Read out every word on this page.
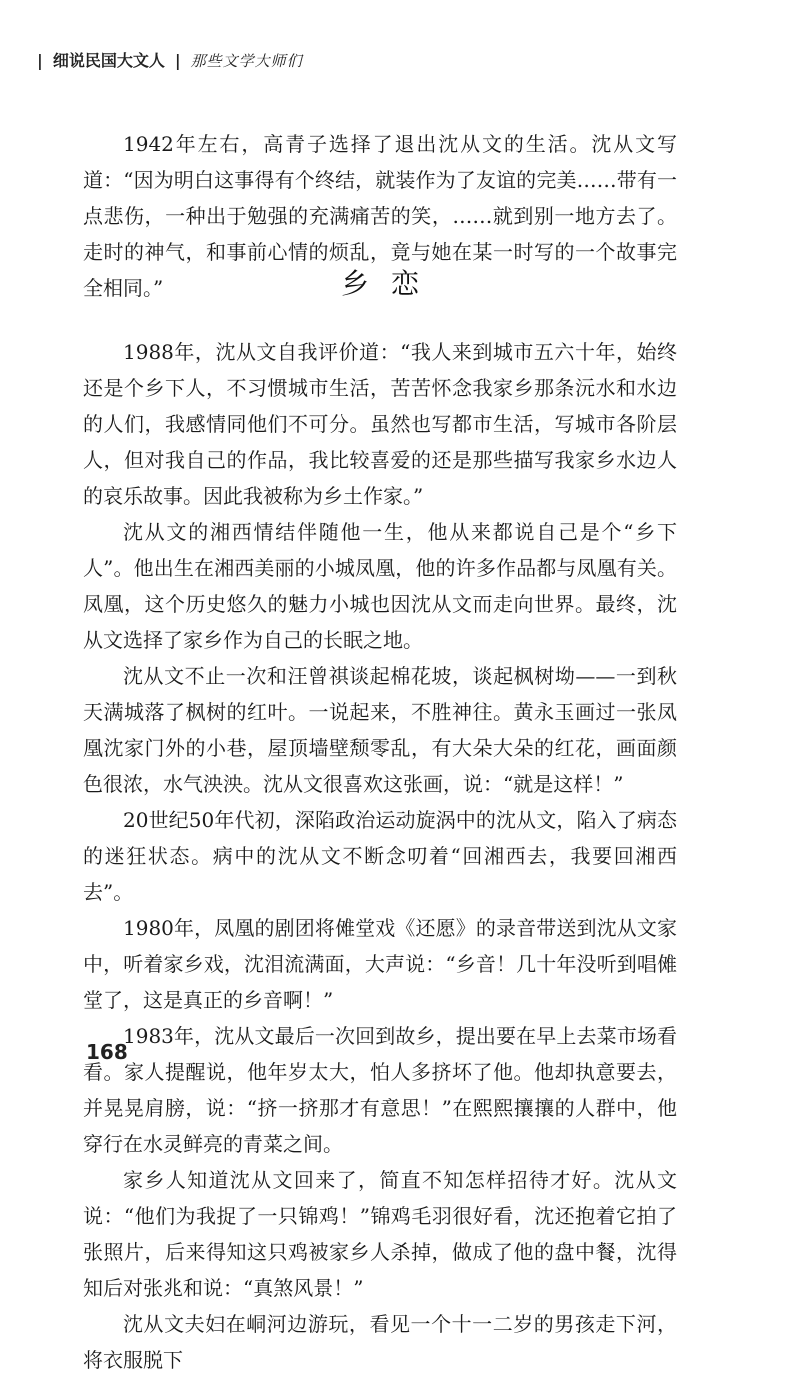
| 细说民国大文人 | 那些文学大师们

1942年左右，高青子选择了退出沈从文的生活。沈从文写道：“因为明白这事得有个终结，就装作为了友谊的完美……带有一点悲伤，一种出于勉强的充满痛苦的笑，……就到别一地方去了。走时的神气，和事前心情的烦乱，竟与她在某一时写的一个故事完全相同。”	乡恋

1988年，沈从文自我评价道：“我人来到城市五六十年，始终还是个乡下人，不习惯城市生活，苦苦怀念我家乡那条沅水和水边的人们，我感情同他们不可分。虽然也写都市生活，写城市各阶层人，但对我自己的作品，我比较喜爱的还是那些描写我家乡水边人的哀乐故事。因此我被称为乡土作家。”

沈从文的湘西情结伴随他一生，他从来都说自己是个“乡下人”。他出生在湘西美丽的小城凤凰，他的许多作品都与凤凰有关。凤凰，这个历史悠久的魅力小城也因沈从文而走向世界。最终，沈从文选择了家乡作为自己的长眠之地。

沈从文不止一次和汪曾祺谈起棉花坡，谈起枫树坳——一到秋天满城落了枫树的红叶。一说起来，不胜神往。黄永玉画过一张凤凰沈家门外的小巷，屋顶墙壁颓零乱，有大朵大朵的红花，画面颜色很浓，水气泱泱。沈从文很喜欢这张画，说：“就是这样！”

20世纪50年代初，深陷政治运动旋涡中的沈从文，陷入了病态的迷狂状态。病中的沈从文不断念叨着“回湘西去，我要回湘西去”。

1980年，凤凰的剧团将傩堂戏《还愿》的录音带送到沈从文家中，听着家乡戏，沈泪流满面，大声说：“乡音！几十年没听到唱傩堂了，这是真正的乡音啊！”

1983年，沈从文最后一次回到故乡，提出要在早上去菜市场看看。家人提醒说，他年岁太大，怕人多挤坏了他。他却执意要去，并晃晃肩膀，说：“挤一挤那才有意思！”在熙熙攘攘的人群中，他穿行在水灵鲜亮的青菜之间。

家乡人知道沈从文回来了，简直不知怎样招待才好。沈从文说：“他们为我捉了一只锦鸡！”锦鸡毛羽很好看，沈还抱着它拍了张照片，后来得知这只鸡被家乡人杀掉，做成了他的盘中餐，沈得知后对张兆和说：“真煞风景！”

沈从文夫妇在峒河边游玩，看见一个十一二岁的男孩走下河，将衣服脱下

168
